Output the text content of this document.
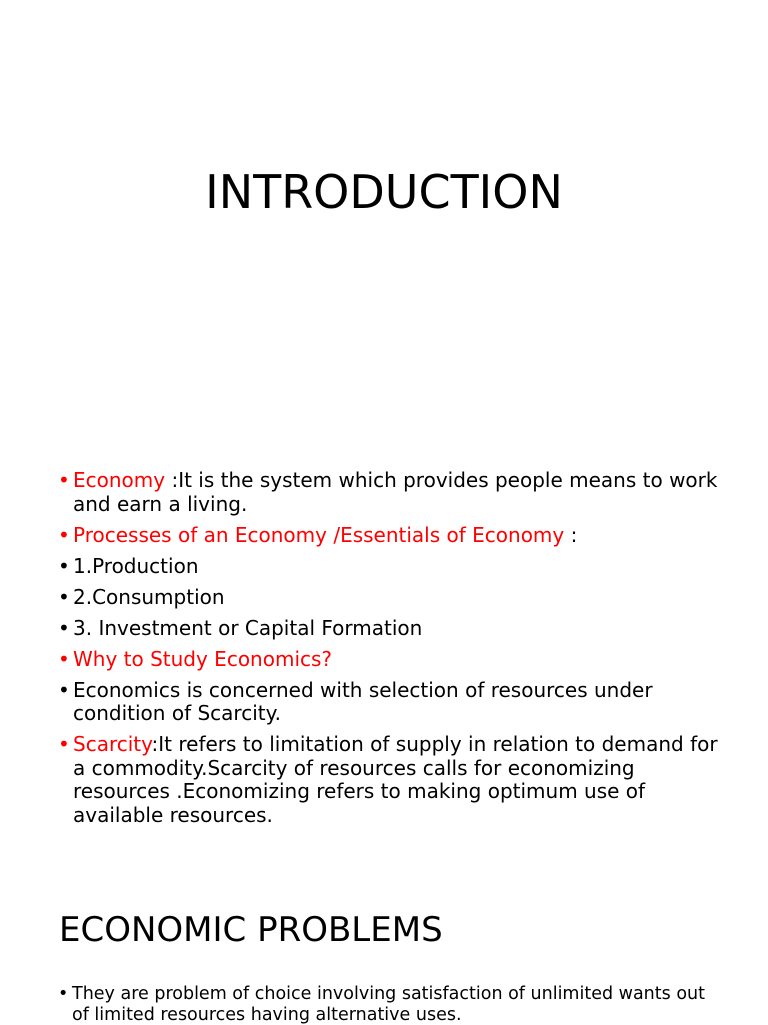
INTRODUCTION
• Economy :It is the system which provides people means to work and earn a living.
• Processes of an Economy /Essentials of Economy :
• 1.Production
• 2.Consumption
• 3. Investment or Capital Formation
• Why to Study Economics?
• Economics is concerned with selection of resources under condition of Scarcity.
• Scarcity:It refers to limitation of supply in relation to demand for a commodity.Scarcity of resources calls for economizing resources .Economizing refers to making optimum use of available resources.
ECONOMIC PROBLEMS
• They are problem of choice involving satisfaction of unlimited wants out of limited resources having alternative uses.
